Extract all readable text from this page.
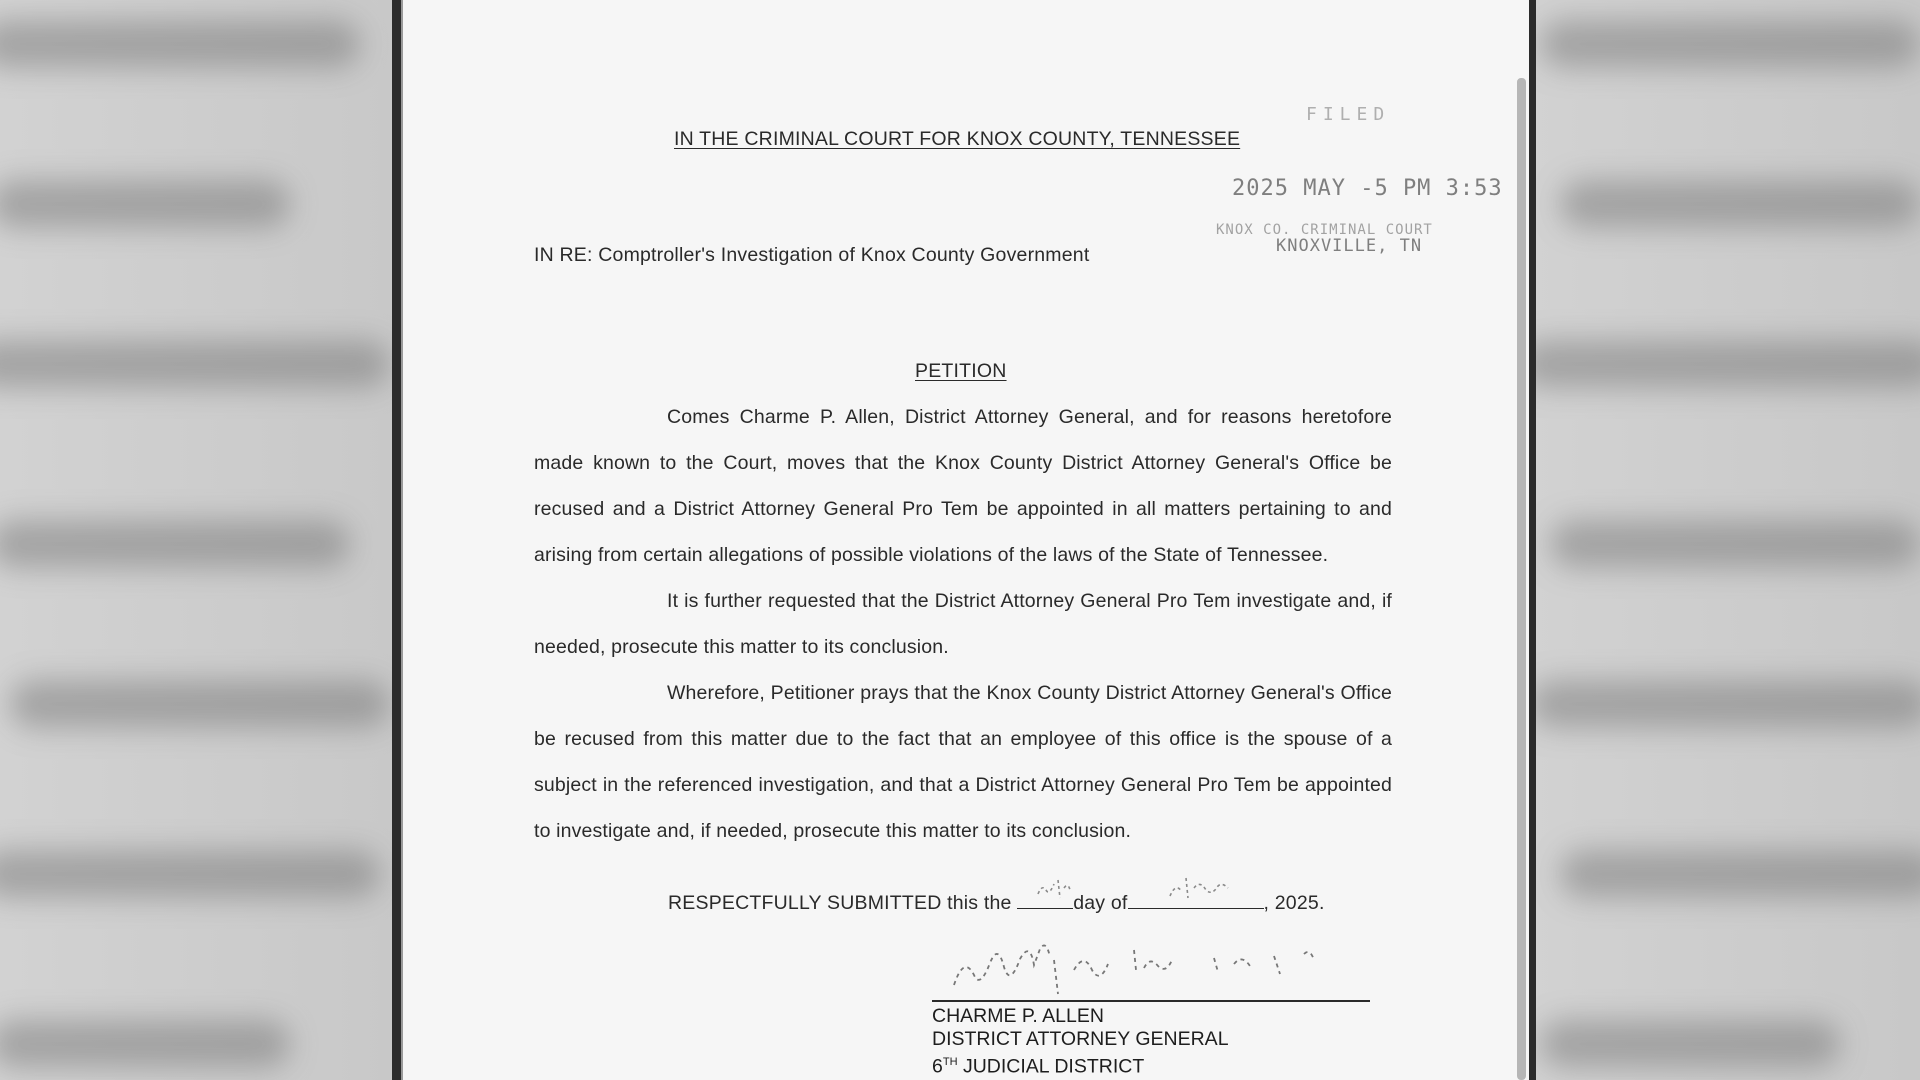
IN THE CRIMINAL COURT FOR KNOX COUNTY, TENNESSEE
FILED
2025 MAY -5 PM 3:53
KNOX CO. CRIMINAL COURT
KNOXVILLE, TN
IN RE: Comptroller's Investigation of Knox County Government
PETITION
Comes Charme P. Allen, District Attorney General, and for reasons heretofore made known to the Court, moves that the Knox County District Attorney General's Office be recused and a District Attorney General Pro Tem be appointed in all matters pertaining to and arising from certain allegations of possible violations of the laws of the State of Tennessee.
It is further requested that the District Attorney General Pro Tem investigate and, if needed, prosecute this matter to its conclusion.
Wherefore, Petitioner prays that the Knox County District Attorney General's Office be recused from this matter due to the fact that an employee of this office is the spouse of a subject in the referenced investigation, and that a District Attorney General Pro Tem be appointed to investigate and, if needed, prosecute this matter to its conclusion.
RESPECTFULLY SUBMITTED this the	day of	, 2025.
CHARME P. ALLEN
DISTRICT ATTORNEY GENERAL
6TH JUDICIAL DISTRICT
